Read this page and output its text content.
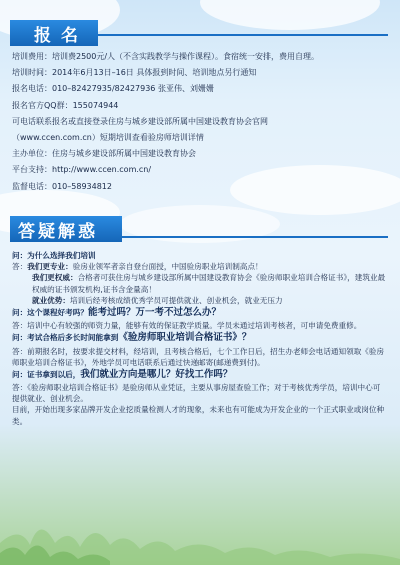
报名

培训费用：培训费2500元/人（不含实践教学与操作课程）。食宿统一安排，费用自理。

培训时间：2014年6月13日–16日 具体报到时间、培训地点另行通知

报名电话：010–82427935/82427936 张亚伟、刘姗姗

报名官方QQ群：155074944

可电话联系报名或直接登录住房与城乡建设部所属中国建设教育协会官网

（www.ccen.com.cn）短期培训查看验房师培训详情

主办单位：住房与城乡建设部所属中国建设教育协会

平台支持：http://www.ccen.com.cn/

监督电话：010–58934812

答疑解惑

问：为什么选择我们培训

答：我们更专业：验房业领军者亲自登台面授，中国验房职业培训制高点！

我们更权威：合格者可获住房与城乡建设部所属中国建设教育协会《验房师职业培训合格证书》，建筑业最权威的证书颁发机构,证书含金量高！

就业优势：培训后经考核成绩优秀学员可提供就业、创业机会，就业无压力

问：这个课程好考吗？能考过吗？万一考不过怎么办？

答：培训中心有较强的师资力量，能够有效的保证教学质量。学员未通过培训考核者，可申请免费重修。

问：考试合格后多长时间能拿到《验房师职业培训合格证书》？

答：前期报名时，按要求提交材料，经培训，且考核合格后，七个工作日后，招生办老师会电话通知领取《验房师职业培训合格证书》，外地学员可电话联系后通过快递邮寄(邮递费到付)。

问：证书拿到以后，我们就业方向是哪儿？好找工作吗？

答：《验房师职业培训合格证书》是验房师从业凭证，主要从事房屋查验工作；对于考核优秀学员，培训中心可提供就业、创业机会。

目前，开始出现多家品牌开发企业挖质量检测人才的现象，未来也有可能成为开发企业的一个正式职业或岗位种类。
